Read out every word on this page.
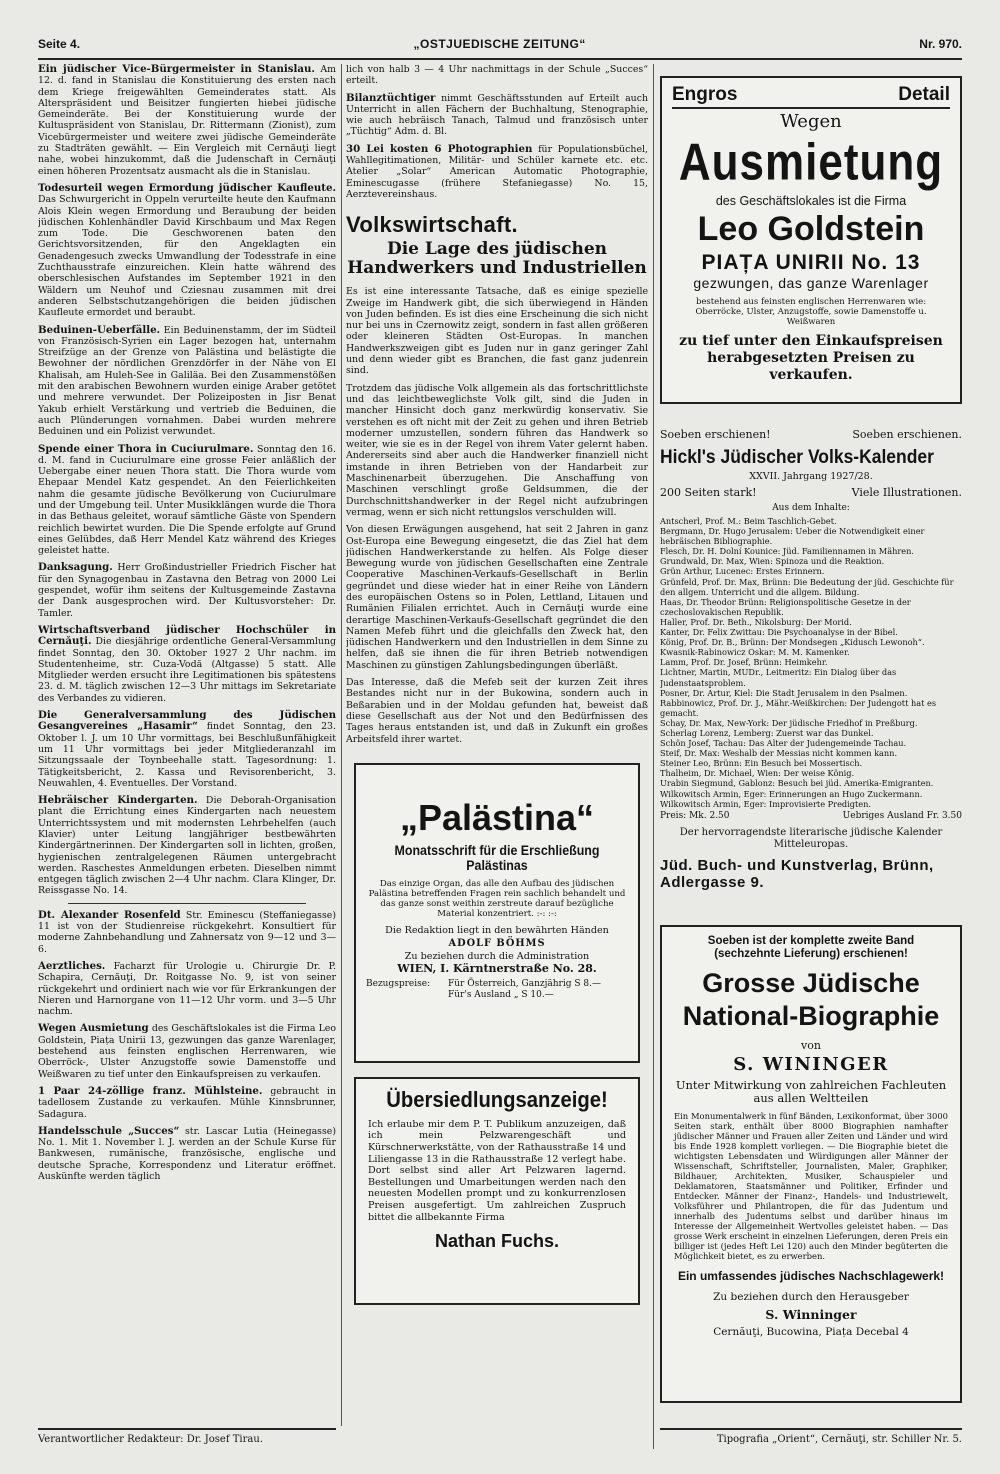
Seite 4.	„OSTJUEDISCHE ZEITUNG“	Nr. 970.

Ein jüdischer Vice-Bürgermeister in Stanislau. Am 12. d. fand in Stanislau die Konstituierung des ersten nach dem Kriege freigewählten Gemeinderates statt. Als Alterspräsident und Beisitzer fungierten hiebei jüdische Gemeinderäte. Bei der Konstituierung wurde der Kultuspräsident von Stanislau, Dr. Rittermann (Zionist), zum Vicebürgermeister und weitere zwei jüdische Gemeinderäte zu Stadträten gewählt. — Ein Vergleich mit Cernăuţi liegt nahe, wobei hinzukommt, daß die Judenschaft in Cernăuţi einen höheren Prozentsatz ausmacht als die in Stanislau.

Todesurteil wegen Ermordung jüdischer Kaufleute. Das Schwurgericht in Oppeln verurteilte heute den Kaufmann Alois Klein wegen Ermordung und Beraubung der beiden jüdischen Kohlenhändler David Kirschbaum und Max Regen zum Tode. Die Geschworenen baten den Gerichtsvorsitzenden, für den Angeklagten ein Genadengesuch zwecks Umwandlung der Todesstrafe in eine Zuchthausstrafe einzureichen. Klein hatte während des oberschlesischen Aufstandes im September 1921 in den Wäldern um Neuhof und Cziesnau zusammen mit drei anderen Selbstschutzangehörigen die beiden jüdischen Kaufleute ermordet und beraubt.

Beduinen-Ueberfälle. Ein Beduinenstamm, der im Südteil von Französisch-Syrien ein Lager bezogen hat, unternahm Streifzüge an der Grenze von Palästina und belästigte die Bewohner der nördlichen Grenzdörfer in der Nähe von El Khalisah, am Huleh-See in Galiläa. Bei den Zusammenstößen mit den arabischen Bewohnern wurden einige Araber getötet und mehrere verwundet. Der Polizeiposten in Jisr Benat Yakub erhielt Verstärkung und vertrieb die Beduinen, die auch Plünderungen vornahmen. Dabei wurden mehrere Beduinen und ein Polizist verwundet.

Spende einer Thora in Cuciurulmare. Sonntag den 16. d. M. fand in Cuciurulmare eine grosse Feier anläßlich der Uebergabe einer neuen Thora statt. Die Thora wurde vom Ehepaar Mendel Katz gespendet. An den Feierlichkeiten nahm die gesamte jüdische Bevölkerung von Cuciurulmare und der Umgebung teil. Unter Musikklängen wurde die Thora in das Bethaus geleitet, worauf sämtliche Gäste von Spendern reichlich bewirtet wurden. Die Die Spende erfolgte auf Grund eines Gelübdes, daß Herr Mendel Katz während des Krieges geleistet hatte.

Danksagung. Herr Großindustrieller Friedrich Fischer hat für den Synagogenbau in Zastavna den Betrag von 2000 Lei gespendet, wofür ihm seitens der Kultusgemeinde Zastavna der Dank ausgesprochen wird. Der Kultusvorsteher: Dr. Tamler.

Wirtschaftsverband jüdischer Hochschüler in Cernăuţi. Die diesjährige ordentliche General-Versammlung findet Sonntag, den 30. Oktober 1927 2 Uhr nachm. im Studentenheime, str. Cuza-Vodă (Altgasse) 5 statt. Alle Mitglieder werden ersucht ihre Legitimationen bis spätestens 23. d. M. täglich zwischen 12—3 Uhr mittags im Sekretariate des Verbandes zu vidieren.

Die Generalversammlung des Jüdischen Gesangvereines „Hasamir“ findet Sonntag, den 23. Oktober l. J. um 10 Uhr vormittags, bei Beschlußunfähigkeit um 11 Uhr vormittags bei jeder Mitgliederanzahl im Sitzungssaale der Toynbeehalle statt. Tagesordnung: 1. Tätigkeitsbericht, 2. Kassa und Revisorenbericht, 3. Neuwahlen, 4. Eventuelles. Der Vorstand.

Hebräischer Kindergarten. Die Deborah-Organisation plant die Errichtung eines Kindergarten nach neuestem Unterrichtssystem und mit modernsten Lehrbehelfen (auch Klavier) unter Leitung langjähriger bestbewährten Kindergärtnerinnen. Der Kindergarten soll in lichten, großen, hygienischen zentralgelegenen Räumen untergebracht werden. Raschestes Anmeldungen erbeten. Dieselben nimmt entgegen täglich zwischen 2—4 Uhr nachm. Clara Klinger, Dr. Reissgasse No. 14.

Dt. Alexander Rosenfeld Str. Eminescu (Steffaniegasse) 11 ist von der Studienreise rückgekehrt. Konsultiert für moderne Zahnbehandlung und Zahnersatz von 9—12 und 3—6.

Aerztliches. Facharzt für Urologie u. Chirurgie Dr. P. Schapira, Cernăuţi, Dr. Roitgasse No. 9, ist von seiner rückgekehrt und ordiniert nach wie vor für Erkrankungen der Nieren und Harnorgane von 11—12 Uhr vorm. und 3—5 Uhr nachm.

Wegen Ausmietung des Geschäftslokales ist die Firma Leo Goldstein, Piața Unirii 13, gezwungen das ganze Warenlager, bestehend aus feinsten englischen Herrenwaren, wie Oberröck-, Ulster Anzugstoffe sowie Damenstoffe und Weißwaren zu tief unter den Einkaufspreisen zu verkaufen.

1 Paar 24-zöllige franz. Mühlsteine. gebraucht in tadellosem Zustande zu verkaufen. Mühle Kinnsbrunner, Sadagura.

Handelsschule „Succes“ str. Lascar Lutia (Heinegasse) No. 1. Mit 1. November l. J. werden an der Schule Kurse für Bankwesen, rumänische, französische, englische und deutsche Sprache, Korrespondenz und Literatur eröffnet. Auskünfte werden täglich

lich von halb 3 — 4 Uhr nachmittags in der Schule „Succes“ erteilt.

Bilanztüchtiger nimmt Geschäftsstunden auf Erteilt auch Unterricht in allen Fächern der Buchhaltung, Stenographie, wie auch hebräisch Tanach, Talmud und französisch unter „Tüchtig“ Adm. d. Bl.

30 Lei kosten 6 Photographien für Populationsbüchel, Wahllegitimationen, Militär- und Schüler karnete etc. etc. Atelier „Solar“ American Automatic Photographie, Eminescugasse (frühere Stefaniegasse) No. 15, Aerztevereinshaus.

Volkswirtschaft.
Die Lage des jüdischen Handwerkers und Industriellen

Es ist eine interessante Tatsache, daß es einige spezielle Zweige im Handwerk gibt, die sich überwiegend in Händen von Juden befinden. Es ist dies eine Erscheinung die sich nicht nur bei uns in Czernowitz zeigt, sondern in fast allen größeren oder kleineren Städten Ost-Europas. In manchen Handwerkszweigen gibt es Juden nur in ganz geringer Zahl und denn wieder gibt es Branchen, die fast ganz judenrein sind.

Trotzdem das jüdische Volk allgemein als das fortschrittlichste und das leichtbeweglichste Volk gilt, sind die Juden in mancher Hinsicht doch ganz merkwürdig konservativ. Sie verstehen es oft nicht mit der Zeit zu gehen und ihren Betrieb moderner umzustellen, sondern führen das Handwerk so weiter, wie sie es in der Regel von ihrem Vater gelernt haben. Andererseits sind aber auch die Handwerker finanziell nicht imstande in ihren Betrieben von der Handarbeit zur Maschinenarbeit überzugehen. Die Anschaffung von Maschinen verschlingt große Geldsummen, die der Durchschnittshandwerker in der Regel nicht aufzubringen vermag, wenn er sich nicht rettungslos verschulden will.

Von diesen Erwägungen ausgehend, hat seit 2 Jahren in ganz Ost-Europa eine Bewegung eingesetzt, die das Ziel hat dem jüdischen Handwerkerstande zu helfen. Als Folge dieser Bewegung wurde von jüdischen Gesellschaften eine Zentrale Cooperative Maschinen-Verkaufs-Gesellschaft in Berlin gegründet und diese wieder hat in einer Reihe von Ländern des europäischen Ostens so in Polen, Lettland, Litauen und Rumänien Filialen errichtet. Auch in Cernăuţi wurde eine derartige Maschinen-Verkaufs-Gesellschaft gegründet die den Namen Mefeb führt und die gleichfalls den Zweck hat, den jüdischen Handwerkern und den Industriellen in dem Sinne zu helfen, daß sie ihnen die für ihren Betrieb notwendigen Maschinen zu günstigen Zahlungsbedingungen überläßt.

Das Interesse, daß die Mefeb seit der kurzen Zeit ihres Bestandes nicht nur in der Bukowina, sondern auch in Beßarabien und in der Moldau gefunden hat, beweist daß diese Gesellschaft aus der Not und den Bedürfnissen des Tages heraus entstanden ist, und daß in Zukunft ein großes Arbeitsfeld ihrer wartet.

„Palästina“
Monatsschrift für die Erschließung Palästinas
Das einzige Organ, das alle den Aufbau des jüdischen Palästina betreffenden Fragen rein sachlich behandelt und das ganze sonst weithin zerstreute darauf bezügliche Material konzentriert. :-: :-:
Die Redaktion liegt in den bewährten Händen
ADOLF BÖHMS
Zu beziehen durch die Administration
WIEN, I. Kärntnerstraße No. 28.
Bezugspreise:	Für Österreich, Ganzjährig S 8.—
Für's Ausland „ S 10.—
Übersiedlungsanzeige!
Ich erlaube mir dem P. T. Publikum anzuzeigen, daß ich mein Pelzwarengeschäft und Kürschnerwerkstätte, von der Rathausstraße 14 und Liliengasse 13 in die Rathausstraße 12 verlegt habe. Dort selbst sind aller Art Pelzwaren lagernd. Bestellungen und Umarbeitungen werden nach den neuesten Modellen prompt und zu konkurrenzlosen Preisen ausgefertigt. Um zahlreichen Zuspruch bittet die allbekannte Firma
Nathan Fuchs.
Engros	Detail
Wegen
Ausmietung
des Geschäftslokales ist die Firma
Leo Goldstein
PIAȚA UNIRII No. 13
gezwungen, das ganze Warenlager
bestehend aus feinsten englischen Herrenwaren wie: Oberröcke, Ulster, Anzugstoffe, sowie Damenstoffe u. Weißwaren
zu tief unter den Einkaufspreisen herabgesetzten Preisen zu verkaufen.
Soeben erschienen!	Soeben erschienen.
Hickl's Jüdischer Volks-Kalender
XXVII. Jahrgang 1927/28.
200 Seiten stark!	Viele Illustrationen.
Aus dem Inhalte:
Antscherl, Prof. M.: Beim Taschlich-Gebet.
Bergmann, Dr. Hugo Jerusalem: Ueber die Notwendigkeit einer hebräischen Bibliographie.
Flesch, Dr. H. Dolní Kounice: Jüd. Familiennamen in Mähren.
Grundwald, Dr. Max, Wien: Spinoza und die Reaktion.
Grün Arthur, Lucenec: Erstes Erinnern.
Grünfeld, Prof. Dr. Max, Brünn: Die Bedeutung der jüd. Geschichte für den allgem. Unterricht und die allgem. Bildung.
Haas, Dr. Theodor Brünn: Religionspolitische Gesetze in der czechoslovakischen Republik.
Haller, Prof. Dr. Beth., Nikolsburg: Der Morid.
Kanter, Dr. Felix Zwittau: Die Psychoanalyse in der Bibel.
König, Prof. Dr. B., Brünn: Der Mondsegen „Kidusch Lewonoh“.
Kwasnik-Rabinowicz Oskar: M. M. Kamenker.
Lamm, Prof. Dr. Josef, Brünn: Heimkehr.
Lichtner, Martin, MUDr., Leitmeritz: Ein Dialog über das Judenstaatsproblem.
Posner, Dr. Artur, Kiel: Die Stadt Jerusalem in den Psalmen.
Rabbinowicz, Prof. Dr. J., Mähr.-Weißkirchen: Der Judengott hat es gemacht.
Schay, Dr. Max, New-York: Der jüdische Friedhof in Preßburg.
Scherlag Lorenz, Lemberg: Zuerst war das Dunkel.
Schön Josef, Tachau: Das Alter der Judengemeinde Tachau.
Steif, Dr. Max: Weshalb der Messias nicht kommen kann.
Steiner Leo, Brünn: Ein Besuch bei Mossertisch.
Thalheim, Dr. Michael, Wien: Der weise König.
Urabin Siegmund, Gablonz: Besuch bei jüd. Amerika-Emigranten.
Wilkowitsch Armin, Eger: Erinnerungen an Hugo Zuckermann.
Wilkowitsch Armin, Eger: Improvisierte Predigten.
Preis: Mk. 2.50	Uebriges Ausland Fr. 3.50
Der hervorragendste literarische jüdische Kalender Mitteleuropas.
Jüd. Buch- und Kunstverlag, Brünn, Adlergasse 9.
Soeben ist der komplette zweite Band (sechzehnte Lieferung) erschienen!
Grosse Jüdische National-Biographie
von
S. WININGER
Unter Mitwirkung von zahlreichen Fachleuten aus allen Weltteilen
Ein Monumentalwerk in fünf Bänden, Lexikonformat, über 3000 Seiten stark, enthält über 8000 Biographien namhafter jüdischer Männer und Frauen aller Zeiten und Länder und wird bis Ende 1928 komplett vorliegen. — Die Biographie bietet die wichtigsten Lebensdaten und Würdigungen aller Männer der Wissenschaft, Schriftsteller, Journalisten, Maler, Graphiker, Bildhauer, Architekten, Musiker, Schauspieler und Deklamatoren, Staatsmänner und Politiker, Erfinder und Entdecker. Männer der Finanz-, Handels- und Industriewelt, Volksführer und Philantropen, die für das Judentum und innerhalb des Judentums selbst und darüber hinaus im Interesse der Allgemeinheit Wertvolles geleistet haben. — Das grosse Werk erscheint in einzelnen Lieferungen, deren Preis ein billiger ist (jedes Heft Lei 120) auch den Minder begüterten die Möglichkeit bietet, es zu erwerben.
Ein umfassendes jüdisches Nachschlagewerk!
Zu beziehen durch den Herausgeber
S. Winninger
Cernăuţi, Bucowina, Piața Decebal 4
Verantwortlicher Redakteur: Dr. Josef Tirau.	Tipografia „Orient“, Cernăuţi, str. Schiller Nr. 5.
